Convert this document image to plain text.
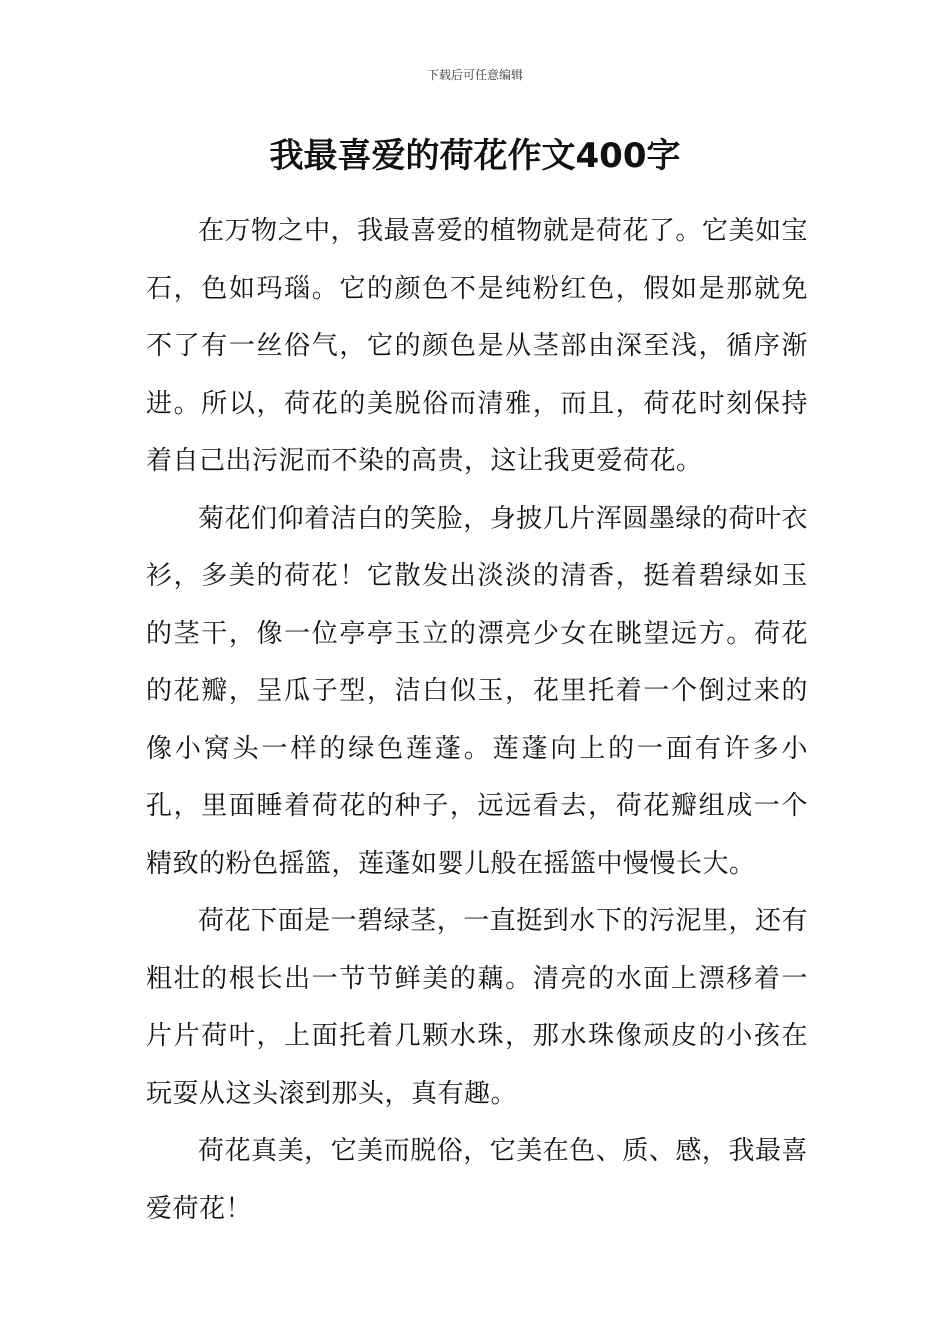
下载后可任意编辑
我最喜爱的荷花作文400字

在万物之中，我最喜爱的植物就是荷花了。它美如宝石，色如玛瑙。它的颜色不是纯粉红色，假如是那就免不了有一丝俗气，它的颜色是从茎部由深至浅，循序渐进。所以，荷花的美脱俗而清雅，而且，荷花时刻保持着自己出污泥而不染的高贵，这让我更爱荷花。

菊花们仰着洁白的笑脸，身披几片浑圆墨绿的荷叶衣衫，多美的荷花！它散发出淡淡的清香，挺着碧绿如玉的茎干，像一位亭亭玉立的漂亮少女在眺望远方。荷花的花瓣，呈瓜子型，洁白似玉，花里托着一个倒过来的像小窝头一样的绿色莲蓬。莲蓬向上的一面有许多小孔，里面睡着荷花的种子，远远看去，荷花瓣组成一个精致的粉色摇篮，莲蓬如婴儿般在摇篮中慢慢长大。

荷花下面是一碧绿茎，一直挺到水下的污泥里，还有粗壮的根长出一节节鲜美的藕。清亮的水面上漂移着一片片荷叶，上面托着几颗水珠，那水珠像顽皮的小孩在玩耍从这头滚到那头，真有趣。

荷花真美，它美而脱俗，它美在色、质、感，我最喜爱荷花！
